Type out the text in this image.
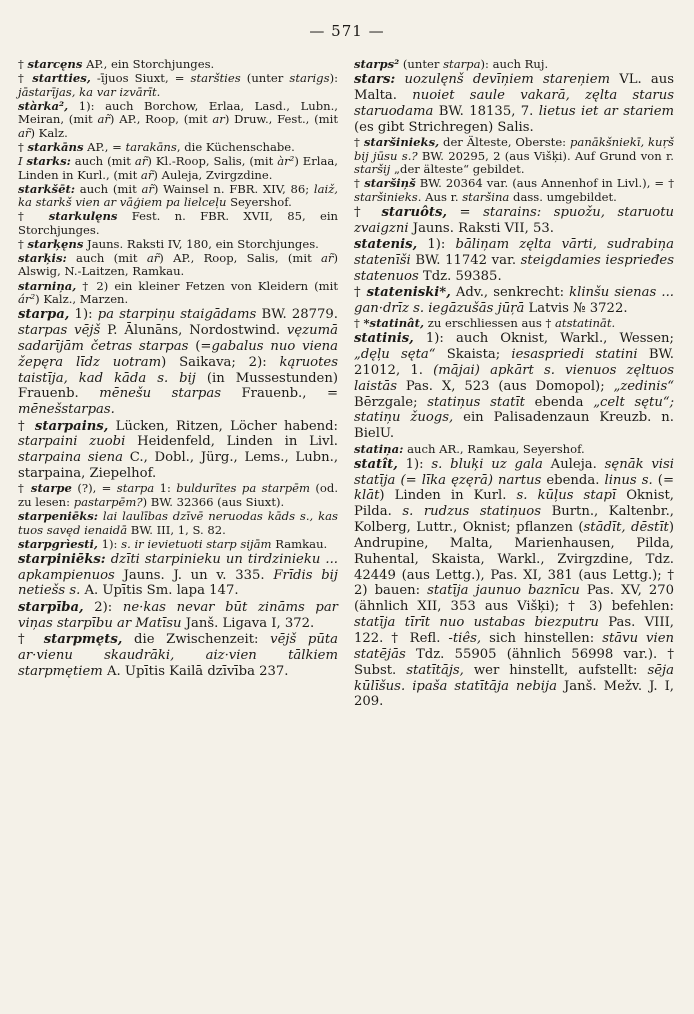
— 571 —
† starcęns AP., ein Storchjunges.
† startties, -ījuos Siuxt, = staršties (unter starigs): jāstarījas, ka var izvārīt.
stàrka², 1): auch Borchow, Erlaa, Lasd., Lubn., Meiran, (mit ar̃) AP., Roop, (mit ar) Druw., Fest., (mit ar̃) Kalz.
† starkāns AP., = tarakāns, die Küchenschabe.
I starks: auch (mit ar̃) Kl.-Roop, Salis, (mit àr²) Erlaa, Linden in Kurl., (mit ar̃) Auleja, Zvirgzdine.
starkšēt: auch (mit ar̃) Wainsel n. FBR. XIV, 86; laiž, ka starkš vien ar vāģiem pa lielceļu Seyershof.
† starkulęns Fest. n. FBR. XVII, 85, ein Storchjunges.
† starķęns Jauns. Raksti IV, 180, ein Storchjunges.
starķis: auch (mit ar̃) AP., Roop, Salis, (mit ar̃) Alswig, N.-Laitzen, Ramkau.
starniņa, † 2) ein kleiner Fetzen von Kleidern (mit ár²) Kalz., Marzen.
starpa, 1): pa starpiņu staigādams BW. 28779. starpas vējš P. Ālunāns, Nordostwind. vęzumā sadarījām četras starpas (=gabalus nuo viena žepęra līdz uotram) Saikava; 2): kąruotes taistīja, kad kāda s. bij (in Mussestunden) Frauenb. mēnešu starpas Frauenb., = mēnešstarpas.
† starpains, Lücken, Ritzen, Löcher habend: starpaini zuobi Heidenfeld, Linden in Livl. starpaina siena C., Dobl., Jürg., Lems., Lubn., starpaina, Ziepelhof.
† starpe (?), = starpa 1: buldurītes pa starpēm (od. zu lesen: pastarpēm?) BW. 32366 (aus Siuxt).
starpeniēks: lai laulības dzīvē neruodas kāds s., kas tuos savęd ienaidā BW. III, 1, S. 82.
starpgrìesti, 1): s. ir ievietuoti starp sijām Ramkau.
starpiniēks: dzīti starpinieku un tirdzinieku ... apkampienuos Jauns. J. un v. 335. Frīdis bij netiešs s. A. Upītis Sm. lapa 147.
starpība, 2): ne·kas nevar būt zināms par viņas starpību ar Matīsu Janš. Ligava I, 372.
† starpmęts, die Zwischenzeit: vējš pūta ar·vienu skaudrāki, aiz·vien tālkiem starpmętiem A. Upītis Kailā dzīvība 237.
starps² (unter starpa): auch Ruj.
stars: uozulęnš devīņiem stareņiem VL. aus Malta. nuoiet saule vakarā, zęlta starus staruodama BW. 18135, 7. lietus iet ar stariem (es gibt Strichregen) Salis.
† staršinieks, der Älteste, Oberste: panākšniekī, kuŗš bij jūsu s.? BW. 20295, 2 (aus Višķi). Auf Grund von r. staršij „der älteste“ gebildet.
† staršiņš BW. 20364 var. (aus Annenhof in Livl.), = † staršinieks. Aus r. staršina dass. umgebildet.
† staruôts, = starains: spuožu, staruotu zvaigzni Jauns. Raksti VII, 53.
statenis, 1): bāliņam zęlta vārti, sudrabiņa statenīši BW. 11742 var. steigdamies iesprieđes statenuos Tdz. 59385.
† stateniski*, Adv., senkrecht: klinšu sienas ... gan·drīz s. iegāzušās jūŗā Latvis № 3722.
† *statinât, zu erschliessen aus † atstatināt.
statinis, 1): auch Oknist, Warkl., Wessen; „dęļu sęta“ Skaista; iesaspriedi statini BW. 21012, 1. (mājai) apkārt s. vienuos zęltuos laistās Pas. X, 523 (aus Domopol); „zedinis“ Bērzgale; statiņus statīt ebenda „celt sętu“; statiņu žuogs, ein Palisadenzaun Kreuzb. n. BielU.
statiņa: auch AR., Ramkau, Seyershof.
statît, 1): s. bluķi uz gala Auleja. sęnāk visi statīja (= līka ęzęrā) nartus ebenda. linus s. (= klāt) Linden in Kurl. s. kūļus stapī Oknist, Pilda. s. rudzus statiņuos Burtn., Kaltenbr., Kolberg, Luttr., Oknist; pflanzen (stādīt, dēstīt) Andrupine, Malta, Marienhausen, Pilda, Ruhental, Skaista, Warkl., Zvirgzdine, Tdz. 42449 (aus Lettg.), Pas. XI, 381 (aus Lettg.); † 2) bauen: statīja jaunuo baznīcu Pas. XV, 270 (ähnlich XII, 353 aus Višķi); † 3) befehlen: statīja tīrīt nuo ustabas biezputru Pas. VIII, 122. † Refl. -tiês, sich hinstellen: stāvu vien statējās Tdz. 55905 (ähnlich 56998 var.). † Subst. statītājs, wer hinstellt, aufstellt: sēja kūlīšus. ipaša statītāja nebija Janš. Mežv. J. I, 209.
